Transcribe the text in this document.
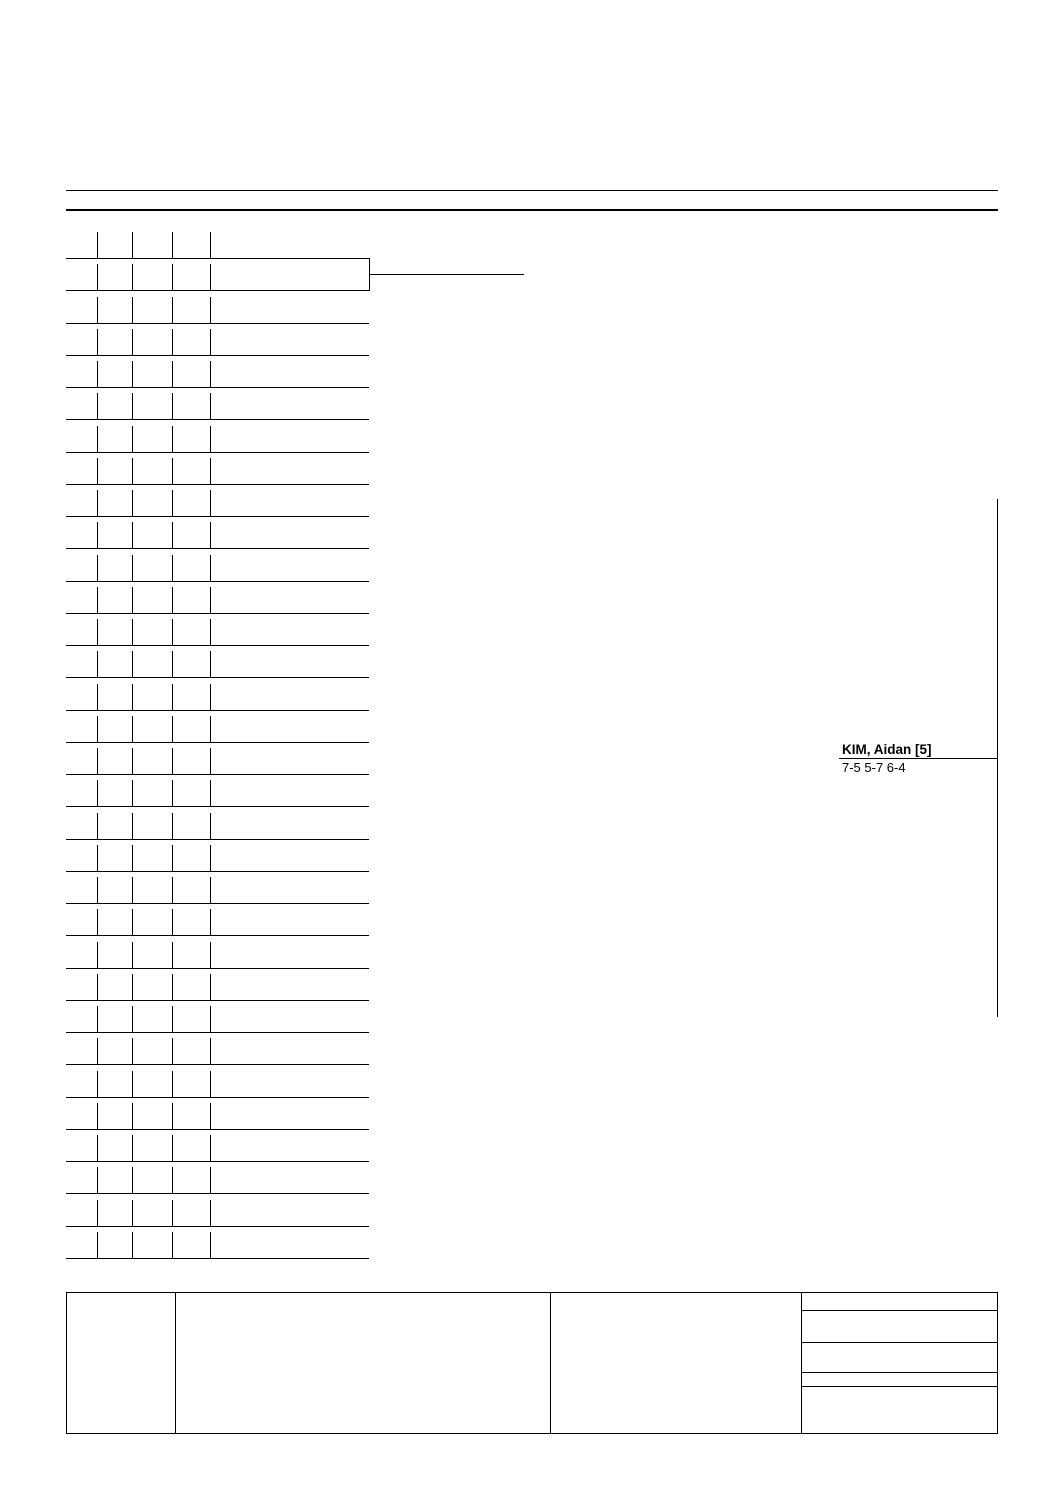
KIM, Aidan [5]
7-5 5-7 6-4
